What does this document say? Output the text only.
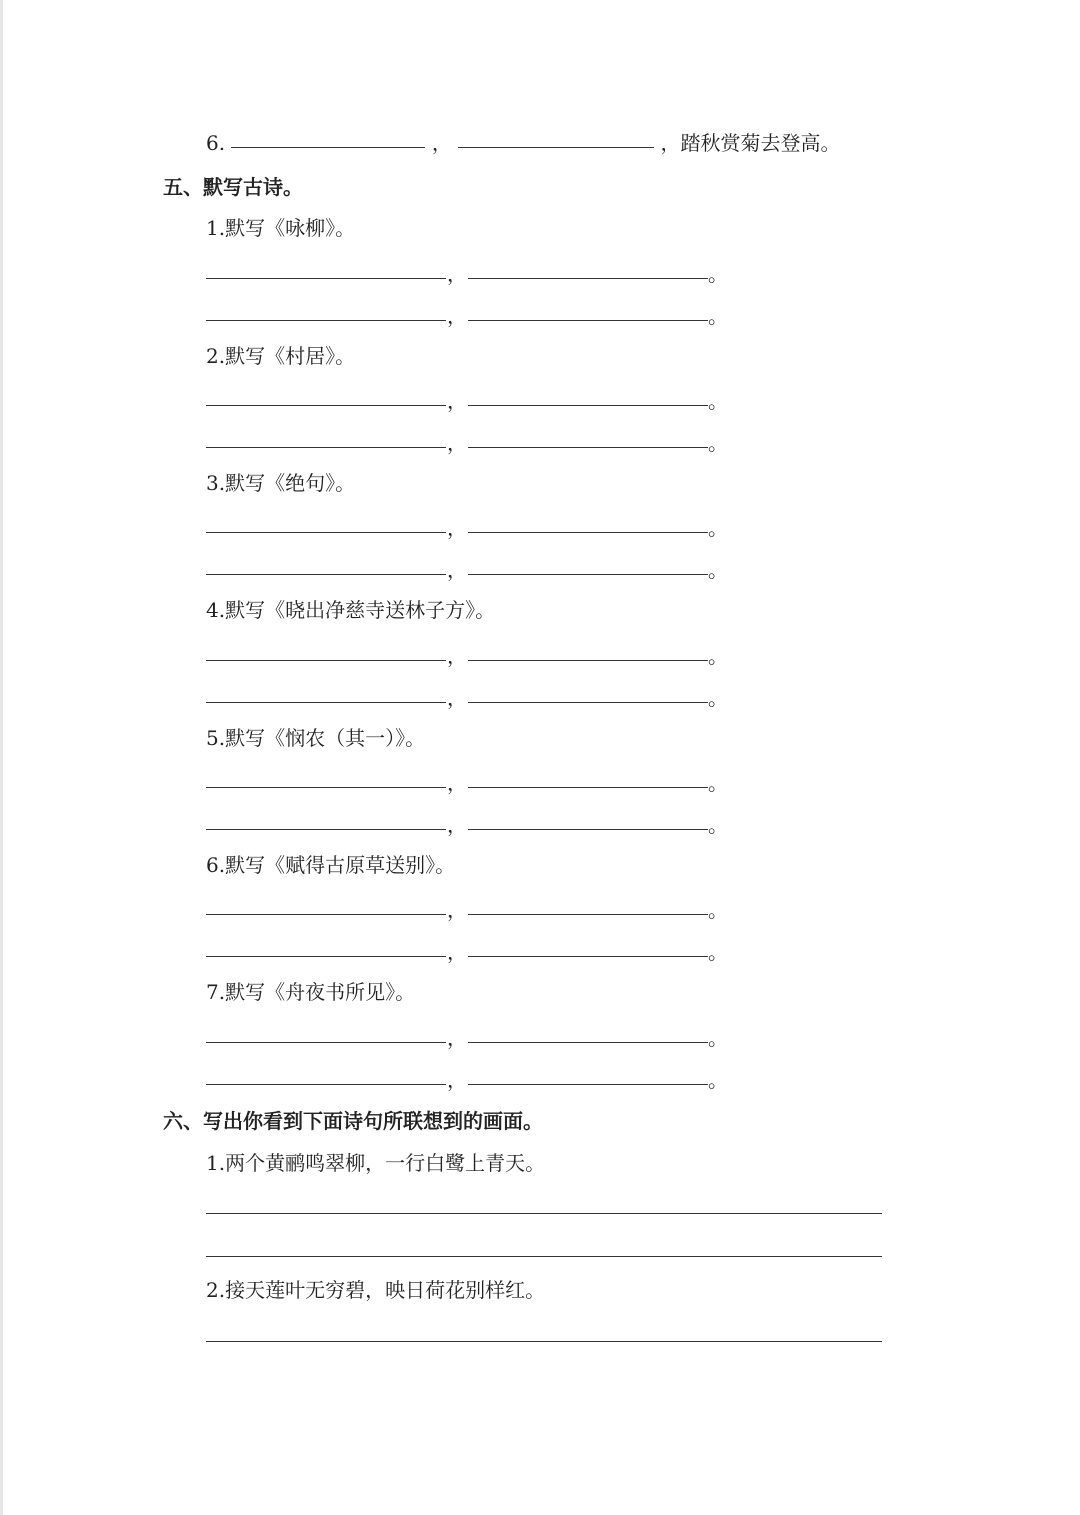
6.	，	，踏秋赏菊去登高。
五、默写古诗。
1.默写《咏柳》。
，	。
，	。
2.默写《村居》。
，	。
，	。
3.默写《绝句》。
，	。
，	。
4.默写《晓出净慈寺送林子方》。
，	。
，	。
5.默写《悯农（其一）》。
，	。
，	。
6.默写《赋得古原草送别》。
，	。
，	。
7.默写《舟夜书所见》。
，	。
，	。
六、写出你看到下面诗句所联想到的画面。
1.两个黄鹂鸣翠柳，一行白鹭上青天。
2.接天莲叶无穷碧，映日荷花别样红。
